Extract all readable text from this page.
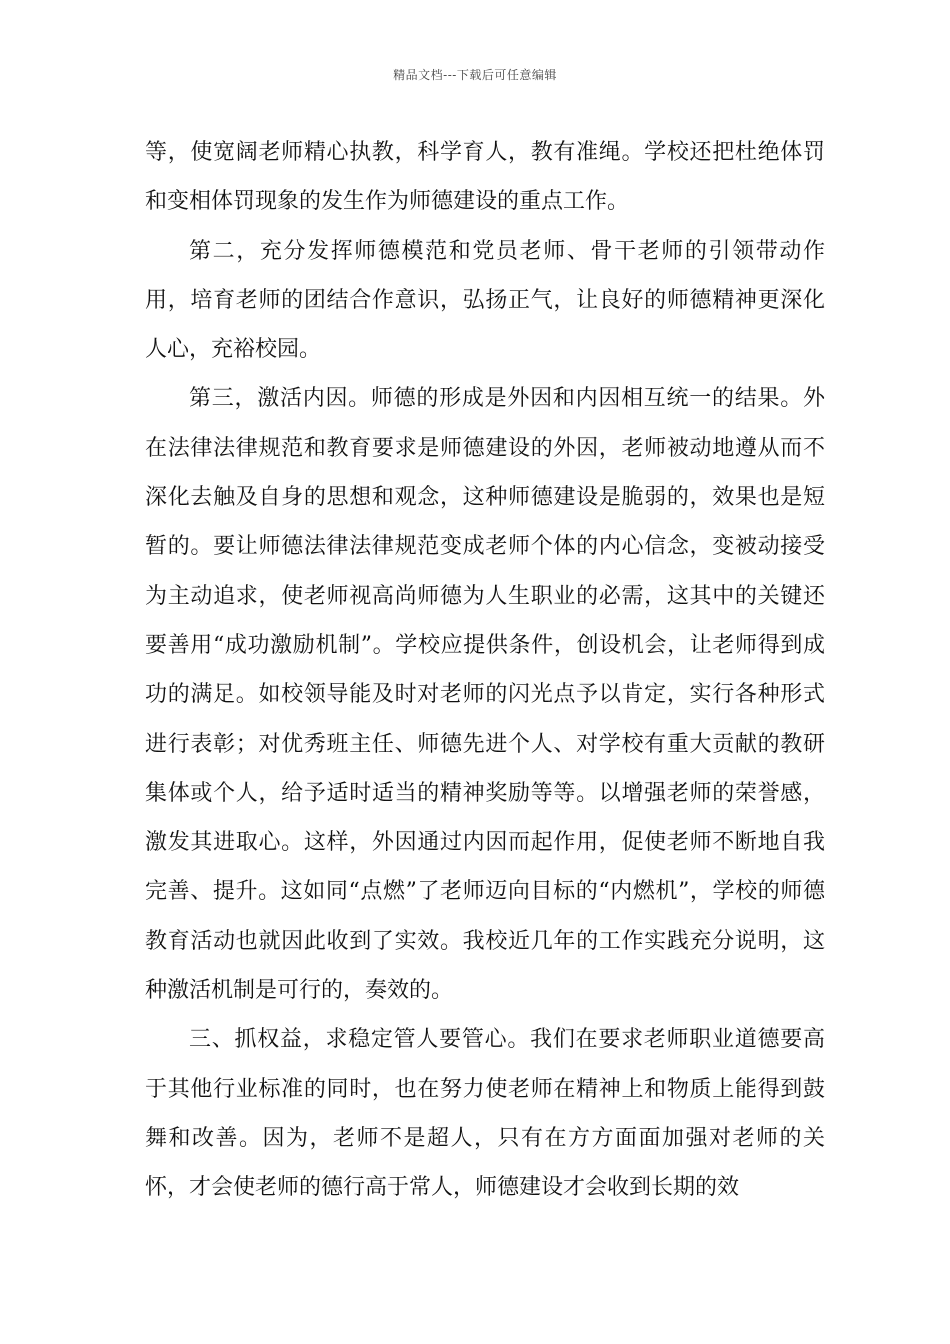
精品文档---下载后可任意编辑

等，使宽阔老师精心执教，科学育人，教有准绳。学校还把杜绝体罚和变相体罚现象的发生作为师德建设的重点工作。

第二，充分发挥师德模范和党员老师、骨干老师的引领带动作用，培育老师的团结合作意识，弘扬正气，让良好的师德精神更深化人心，充裕校园。

第三，激活内因。师德的形成是外因和内因相互统一的结果。外在法律法律规范和教育要求是师德建设的外因，老师被动地遵从而不深化去触及自身的思想和观念，这种师德建设是脆弱的，效果也是短暂的。要让师德法律法律规范变成老师个体的内心信念，变被动接受为主动追求，使老师视高尚师德为人生职业的必需，这其中的关键还要善用“成功激励机制”。学校应提供条件，创设机会，让老师得到成功的满足。如校领导能及时对老师的闪光点予以肯定，实行各种形式进行表彰；对优秀班主任、师德先进个人、对学校有重大贡献的教研集体或个人，给予适时适当的精神奖励等等。以增强老师的荣誉感，激发其进取心。这样，外因通过内因而起作用，促使老师不断地自我完善、提升。这如同“点燃”了老师迈向目标的“内燃机”，学校的师德教育活动也就因此收到了实效。我校近几年的工作实践充分说明，这种激活机制是可行的，奏效的。

三、抓权益，求稳定管人要管心。我们在要求老师职业道德要高于其他行业标准的同时，也在努力使老师在精神上和物质上能得到鼓舞和改善。因为，老师不是超人，只有在方方面面加强对老师的关怀，才会使老师的德行高于常人，师德建设才会收到长期的效
